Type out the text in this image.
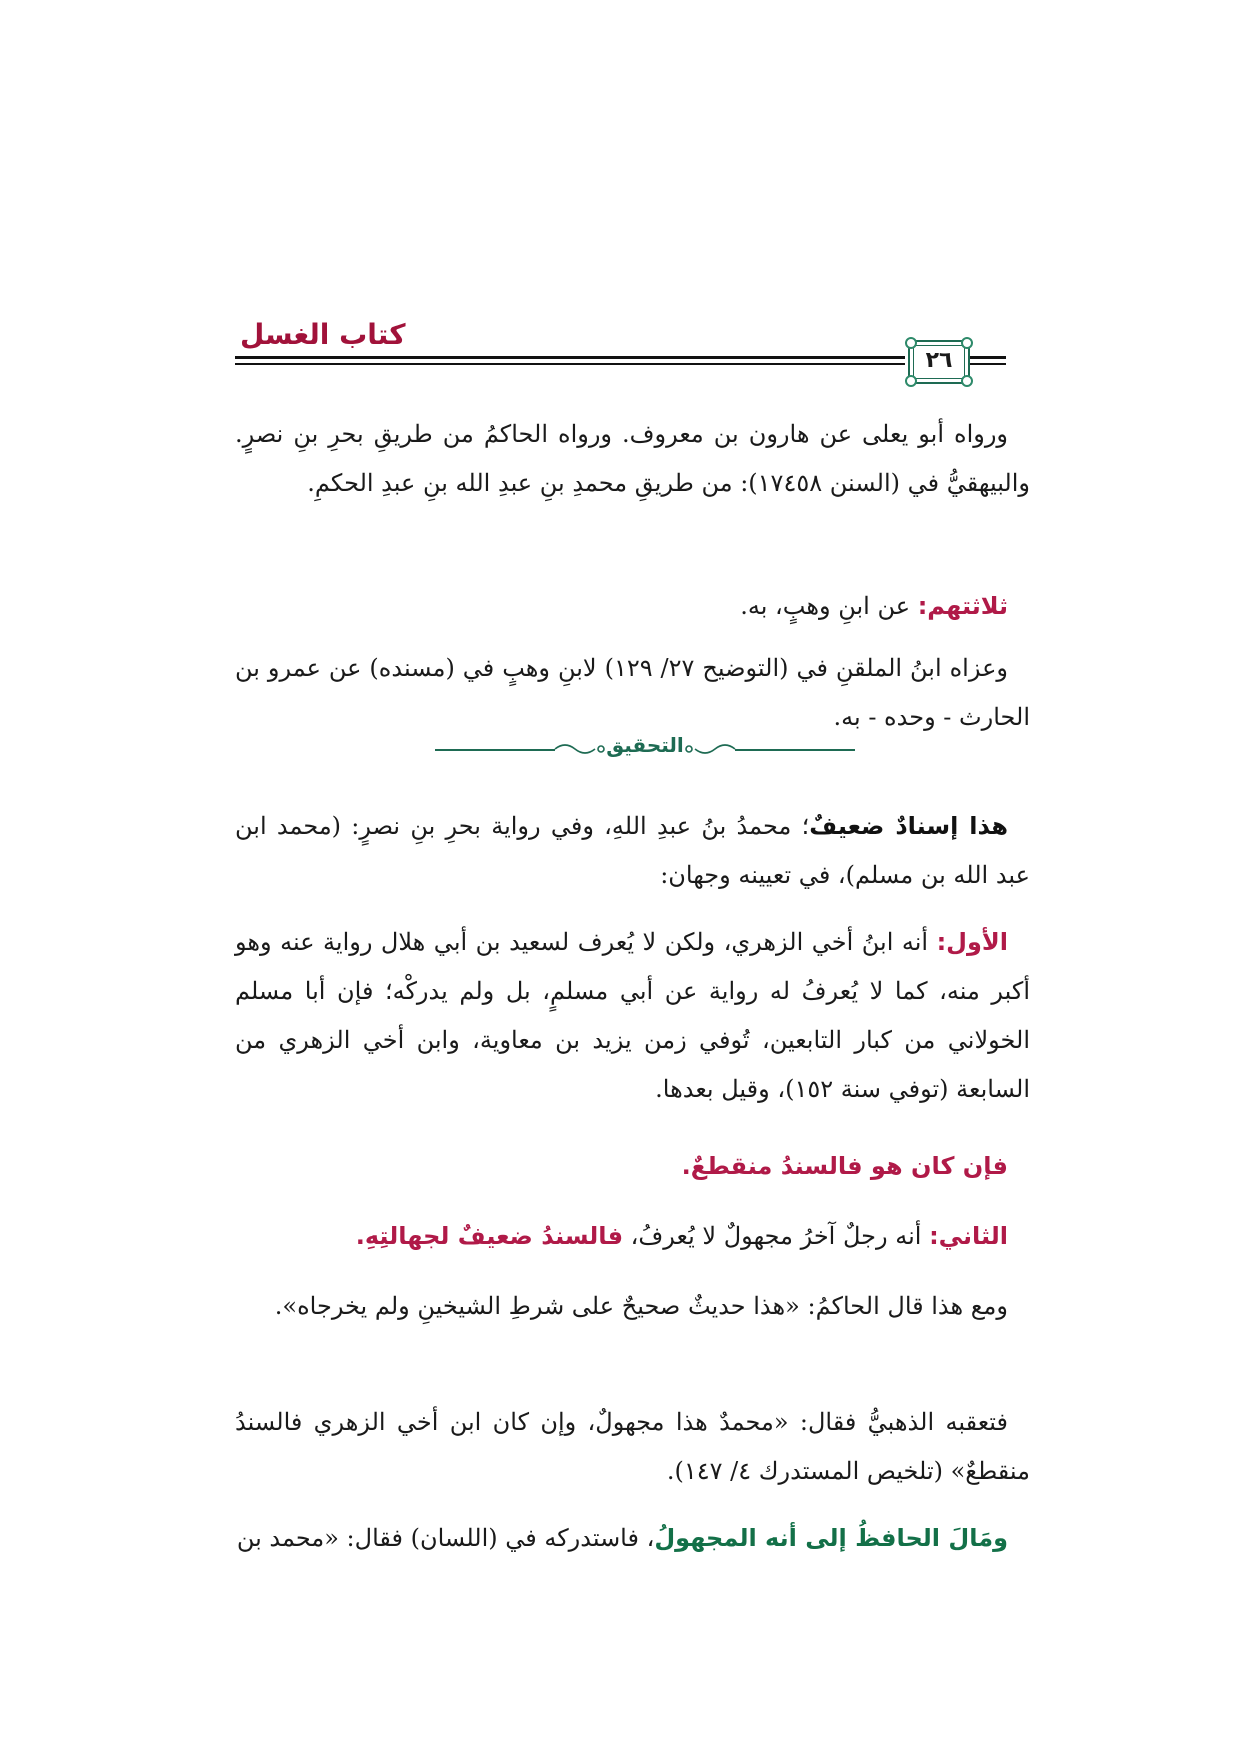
كتاب الغسل
٢٦
ورواه أبو يعلى عن هارون بن معروف. ورواه الحاكمُ من طريقِ بحرِ بنِ نصرٍ. والبيهقيُّ في (السنن ١٧٤٥٨): من طريقِ محمدِ بنِ عبدِ الله بنِ عبدِ الحكمِ.
ثلاثتهم: عن ابنِ وهبٍ، به.
وعزاه ابنُ الملقنِ في (التوضيح ٢٧/ ١٢٩) لابنِ وهبٍ في (مسنده) عن عمرو بن الحارث - وحده - به.
التحقيق
هذا إسنادٌ ضعيفٌ؛ محمدُ بنُ عبدِ اللهِ، وفي رواية بحرِ بنِ نصرٍ: (محمد ابن عبد الله بن مسلم)، في تعيينه وجهان:
الأول: أنه ابنُ أخي الزهري، ولكن لا يُعرف لسعيد بن أبي هلال رواية عنه وهو أكبر منه، كما لا يُعرفُ له رواية عن أبي مسلمٍ، بل ولم يدركْه؛ فإن أبا مسلم الخولاني من كبار التابعين، تُوفي زمن يزيد بن معاوية، وابن أخي الزهري من السابعة (توفي سنة ١٥٢)، وقيل بعدها.
فإن كان هو فالسندُ منقطعٌ.
الثاني: أنه رجلٌ آخرُ مجهولٌ لا يُعرفُ، فالسندُ ضعيفٌ لجهالتِهِ.
ومع هذا قال الحاكمُ: «هذا حديثٌ صحيحٌ على شرطِ الشيخينِ ولم يخرجاه».
فتعقبه الذهبيُّ فقال: «محمدٌ هذا مجهولٌ، وإن كان ابن أخي الزهري فالسندُ منقطعٌ» (تلخيص المستدرك ٤/ ١٤٧).
ومَالَ الحافظُ إلى أنه المجهولُ، فاستدركه في (اللسان) فقال: «محمد بن
